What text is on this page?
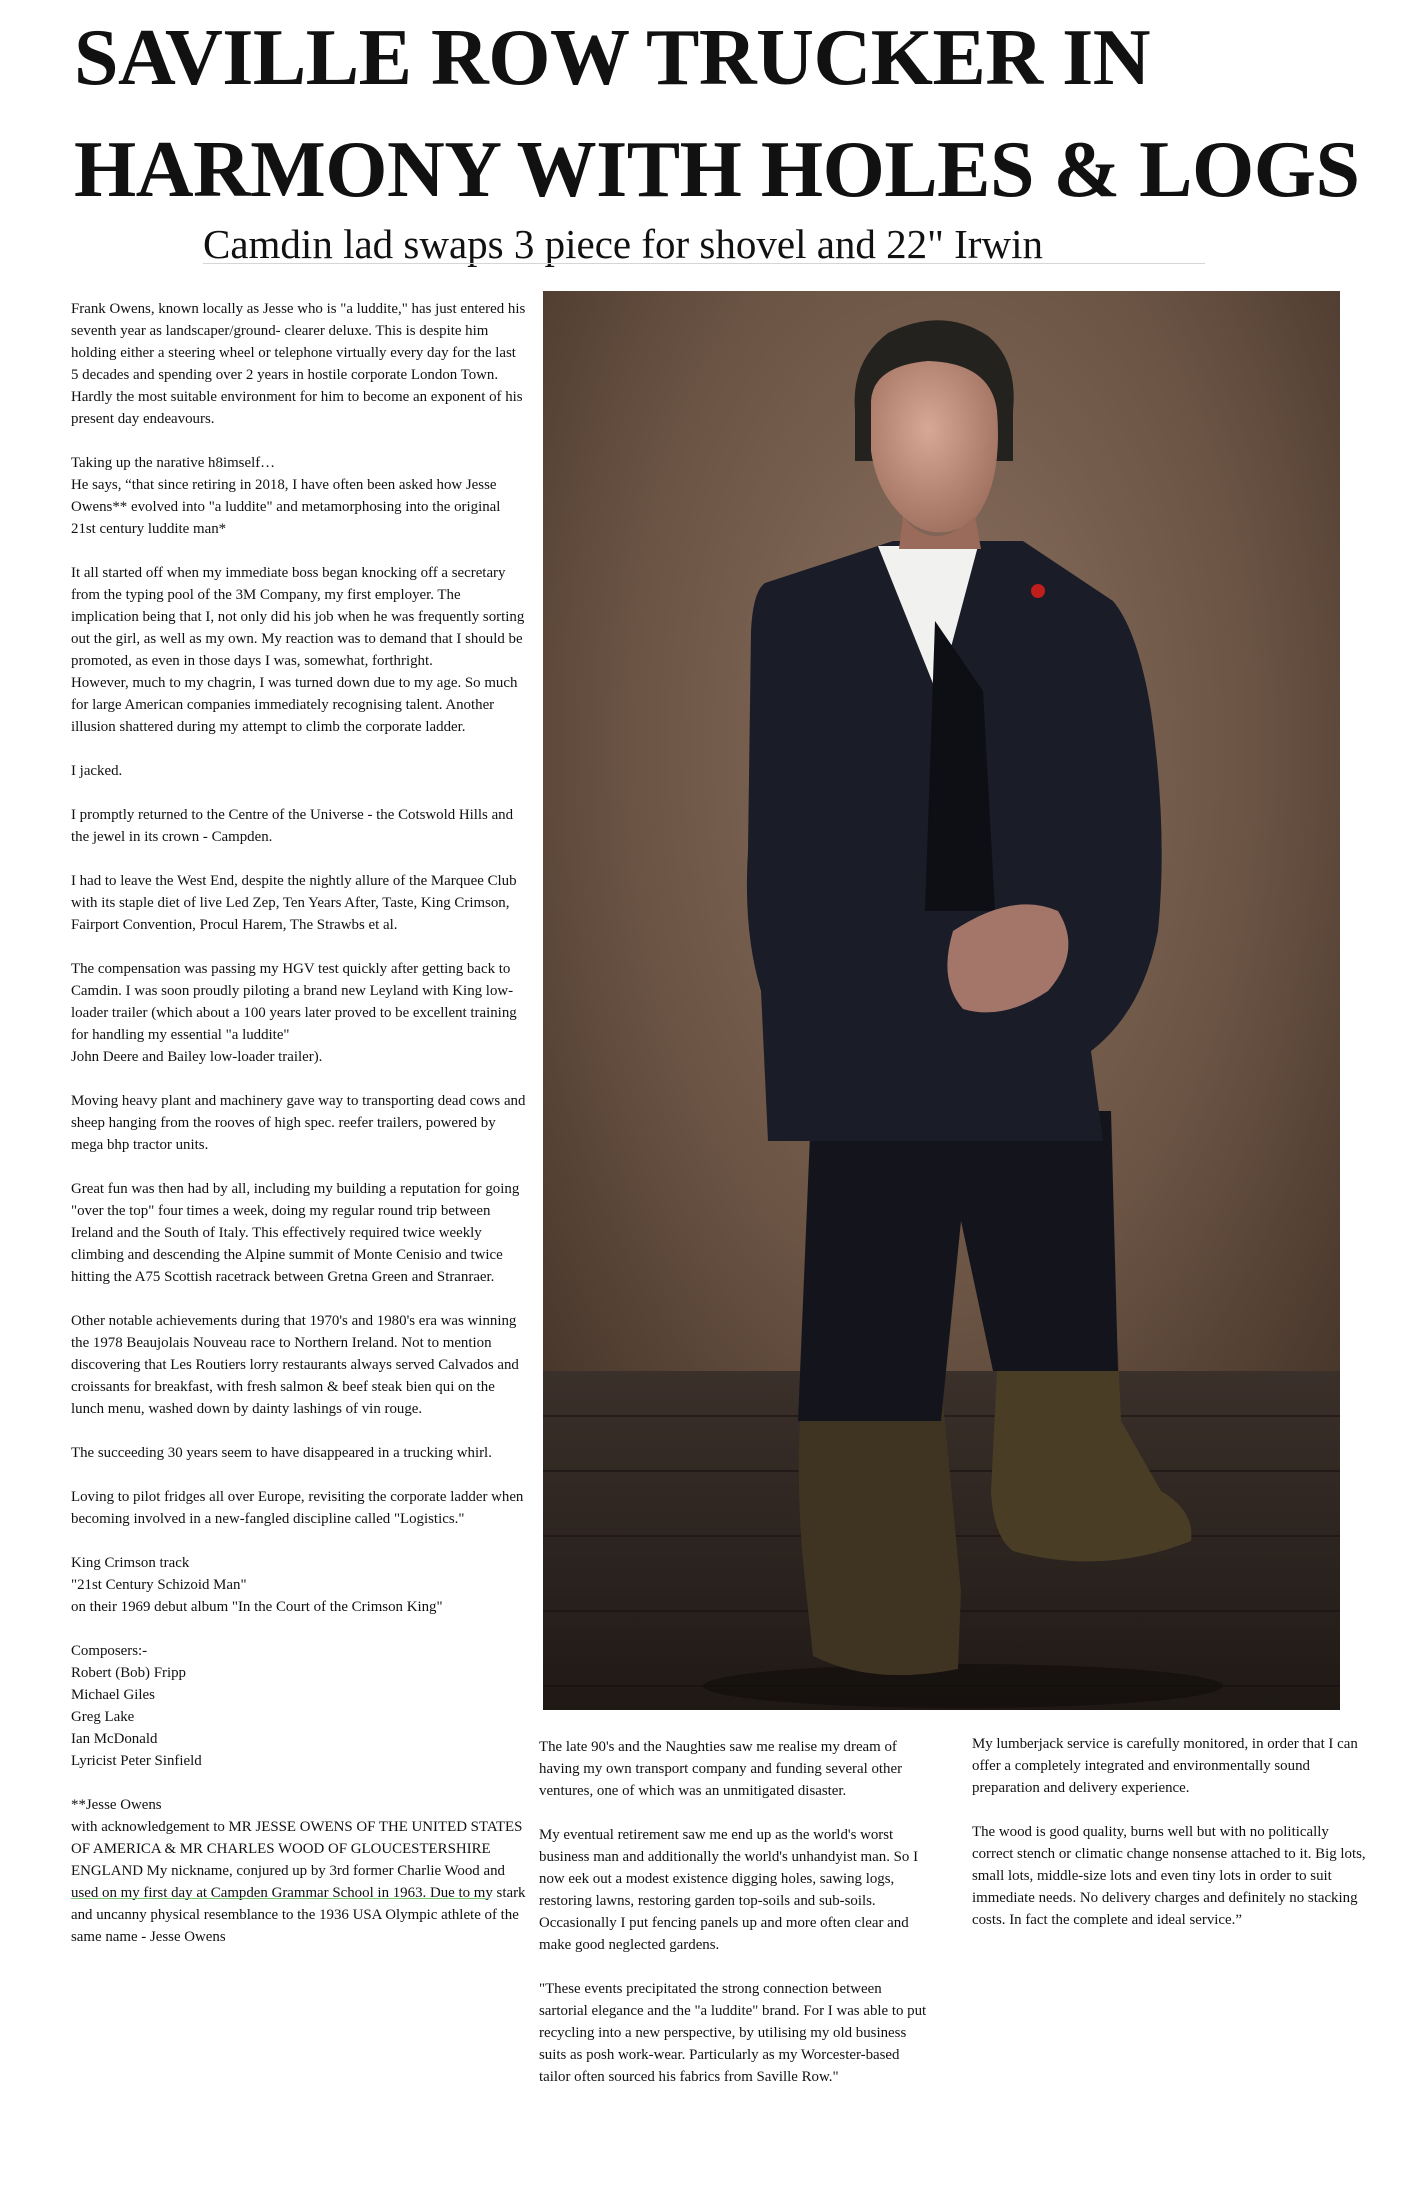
SAVILLE ROW TRUCKER IN
HARMONY WITH HOLES & LOGS
Camdin lad swaps 3 piece for shovel and 22" Irwin

Frank Owens, known locally as Jesse who is "a luddite," has just entered his seventh year as landscaper/ground- clearer deluxe. This is despite him holding either a steering wheel or telephone virtually every day for the last 5 decades and spending over 2 years in hostile corporate London Town. Hardly the most suitable environment for him to become an exponent of his present day endeavours.

Taking up the narative h8imself…
He says, “that since retiring in 2018, I have often been asked how Jesse Owens** evolved into "a luddite" and metamorphosing into the original 21st century luddite man*

It all started off when my immediate boss began knocking off a secretary from the typing pool of the 3M Company, my first employer. The implication being that I, not only did his job when he was frequently sorting out the girl, as well as my own. My reaction was to demand that I should be promoted, as even in those days I was, somewhat, forthright.
However, much to my chagrin, I was turned down due to my age. So much for large American companies immediately recognising talent. Another illusion shattered during my attempt to climb the corporate ladder.

I jacked.

I promptly returned to the Centre of the Universe - the Cotswold Hills and the jewel in its crown - Campden.

I had to leave the West End, despite the nightly allure of the Marquee Club with its staple diet of live Led Zep, Ten Years After, Taste, King Crimson, Fairport Convention, Procul Harem, The Strawbs et al.

The compensation was passing my HGV test quickly after getting back to Camdin. I was soon proudly piloting a brand new Leyland with King low-loader trailer (which about a 100 years later proved to be excellent training for handling my essential "a luddite"
John Deere and Bailey low-loader trailer).

Moving heavy plant and machinery gave way to transporting dead cows and sheep hanging from the rooves of high spec. reefer trailers, powered by mega bhp tractor units.

Great fun was then had by all, including my building a reputation for going "over the top" four times a week, doing my regular round trip between Ireland and the South of Italy. This effectively required twice weekly climbing and descending the Alpine summit of Monte Cenisio and twice hitting the A75 Scottish racetrack between Gretna Green and Stranraer.

Other notable achievements during that 1970's and 1980's era was winning the 1978 Beaujolais Nouveau race to Northern Ireland. Not to mention discovering that Les Routiers lorry restaurants always served Calvados and croissants for breakfast, with fresh salmon & beef steak bien qui on the lunch menu, washed down by dainty lashings of vin rouge.

The succeeding 30 years seem to have disappeared in a trucking whirl.

Loving to pilot fridges all over Europe, revisiting the corporate ladder when becoming involved in a new-fangled discipline called "Logistics."

King Crimson track
"21st Century Schizoid Man"
on their 1969 debut album "In the Court of the Crimson King"

Composers:-
Robert (Bob) Fripp
Michael Giles
Greg Lake
Ian McDonald
Lyricist Peter Sinfield

**Jesse Owens
with acknowledgement to MR JESSE OWENS OF THE UNITED STATES OF AMERICA & MR CHARLES WOOD OF GLOUCESTERSHIRE ENGLAND My nickname, conjured up by 3rd former Charlie Wood and used on my first day at Campden Grammar School in 1963. Due to my stark and uncanny physical resemblance to the 1936 USA Olympic athlete of the same name - Jesse Owens

The late 90's and the Naughties saw me realise my dream of having my own transport company and funding several other ventures, one of which was an unmitigated disaster.

My eventual retirement saw me end up as the world's worst business man and additionally the world's unhandyist man. So I now eek out a modest existence digging holes, sawing logs, restoring lawns, restoring garden top-soils and sub-soils. Occasionally I put fencing panels up and more often clear and make good neglected gardens.

"These events precipitated the strong connection between sartorial elegance and the "a luddite" brand. For I was able to put recycling into a new perspective, by utilising my old business suits as posh work-wear. Particularly as my Worcester-based tailor often sourced his fabrics from Saville Row."

My lumberjack service is carefully monitored, in order that I can offer a completely integrated and environmentally sound preparation and delivery experience.

The wood is good quality, burns well but with no politically correct stench or climatic change nonsense attached to it. Big lots, small lots, middle-size lots and even tiny lots in order to suit immediate needs. No delivery charges and definitely no stacking costs. In fact the complete and ideal service.”
